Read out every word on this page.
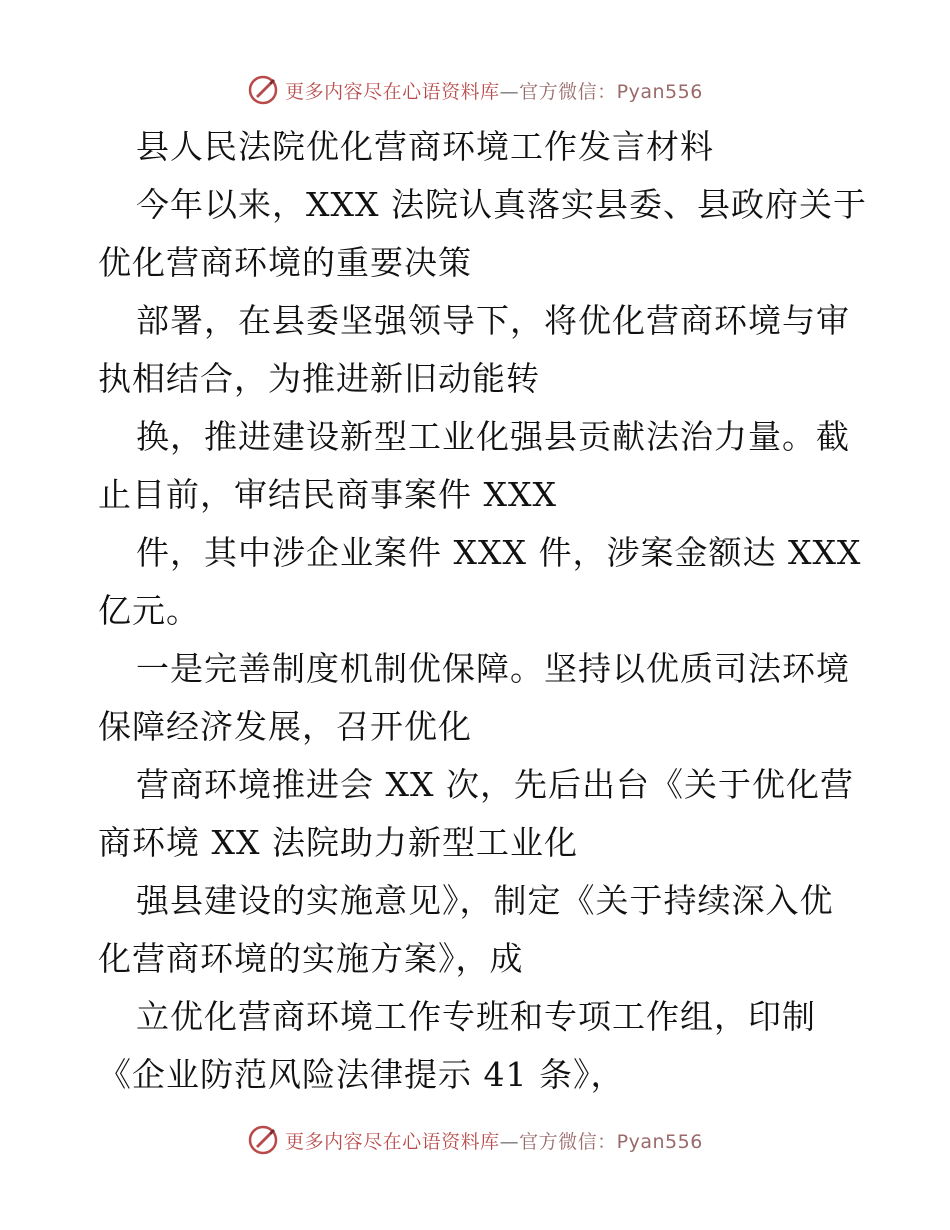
更多内容尽在心语资料库—官方微信：Pyan556
县人民法院优化营商环境工作发言材料
今年以来，XXX 法院认真落实县委、县政府关于
优化营商环境的重要决策
部署，在县委坚强领导下，将优化营商环境与审
执相结合，为推进新旧动能转
换，推进建设新型工业化强县贡献法治力量。截
止目前，审结民商事案件 XXX
件，其中涉企业案件 XXX 件，涉案金额达 XXX
亿元。
一是完善制度机制优保障。坚持以优质司法环境
保障经济发展，召开优化
营商环境推进会 XX 次，先后出台《关于优化营
商环境 XX 法院助力新型工业化
强县建设的实施意见》，制定《关于持续深入优
化营商环境的实施方案》，成
立优化营商环境工作专班和专项工作组，印制
《企业防范风险法律提示 41 条》，
更多内容尽在心语资料库—官方微信：Pyan556
